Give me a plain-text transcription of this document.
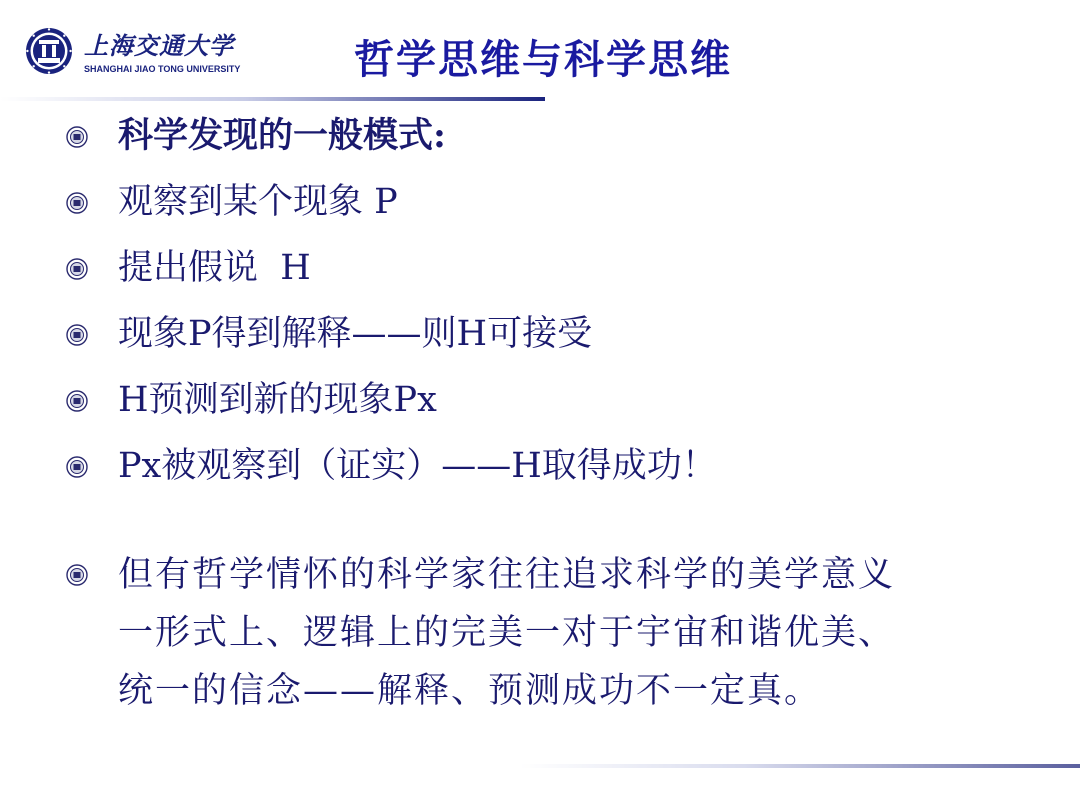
上海交通大学
SHANGHAI JIAO TONG UNIVERSITY	哲学思维与科学思维
科学发现的一般模式:
观察到某个现象 P
提出假说  H
现象P得到解释——则H可接受
H预测到新的现象Px
Px被观察到（证实）——H取得成功！
但有哲学情怀的科学家往往追求科学的美学意义
一形式上、逻辑上的完美一对于宇宙和谐优美、
统一的信念——解释、预测成功不一定真。
